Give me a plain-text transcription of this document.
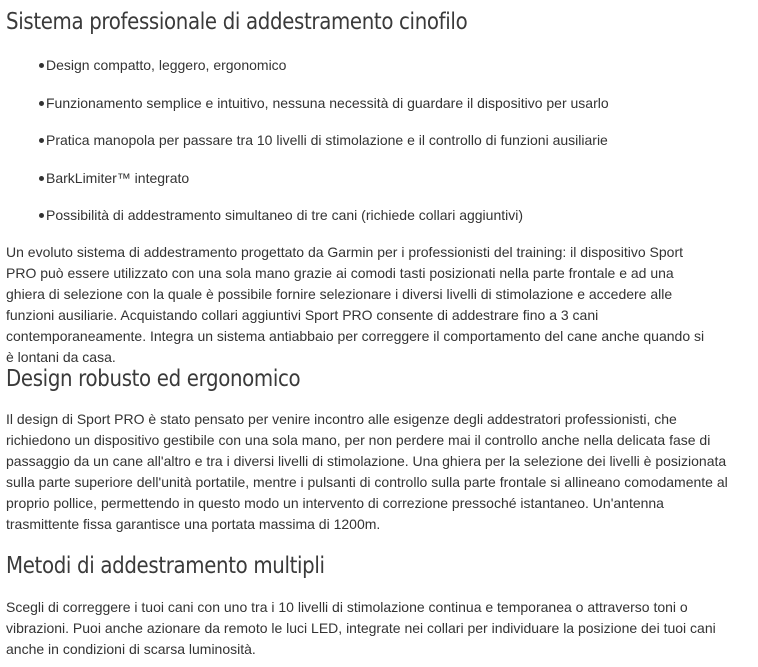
Sistema professionale di addestramento cinofilo
Design compatto, leggero, ergonomico
Funzionamento semplice e intuitivo, nessuna necessità di guardare il dispositivo per usarlo
Pratica manopola per passare tra 10 livelli di stimolazione e il controllo di funzioni ausiliarie
BarkLimiter™ integrato
Possibilità di addestramento simultaneo di tre cani (richiede collari aggiuntivi)

Un evoluto sistema di addestramento progettato da Garmin per i professionisti del training: il dispositivo Sport PRO può essere utilizzato con una sola mano grazie ai comodi tasti posizionati nella parte frontale e ad una ghiera di selezione con la quale è possibile fornire selezionare i diversi livelli di stimolazione e accedere alle funzioni ausiliarie. Acquistando collari aggiuntivi Sport PRO consente di addestrare fino a 3 cani contemporaneamente. Integra un sistema antiabbaio per correggere il comportamento del cane anche quando si è lontani da casa.

Design robusto ed ergonomico

Il design di Sport PRO è stato pensato per venire incontro alle esigenze degli addestratori professionisti, che richiedono un dispositivo gestibile con una sola mano, per non perdere mai il controllo anche nella delicata fase di passaggio da un cane all'altro e tra i diversi livelli di stimolazione. Una ghiera per la selezione dei livelli è posizionata sulla parte superiore dell'unità portatile, mentre i pulsanti di controllo sulla parte frontale si allineano comodamente al proprio pollice, permettendo in questo modo un intervento di correzione pressoché istantaneo. Un'antenna trasmittente fissa garantisce una portata massima di 1200m.

Metodi di addestramento multipli

Scegli di correggere i tuoi cani con uno tra i 10 livelli di stimolazione continua e temporanea o attraverso toni o vibrazioni. Puoi anche azionare da remoto le luci LED, integrate nei collari per individuare la posizione dei tuoi cani anche in condizioni di scarsa luminosità.
